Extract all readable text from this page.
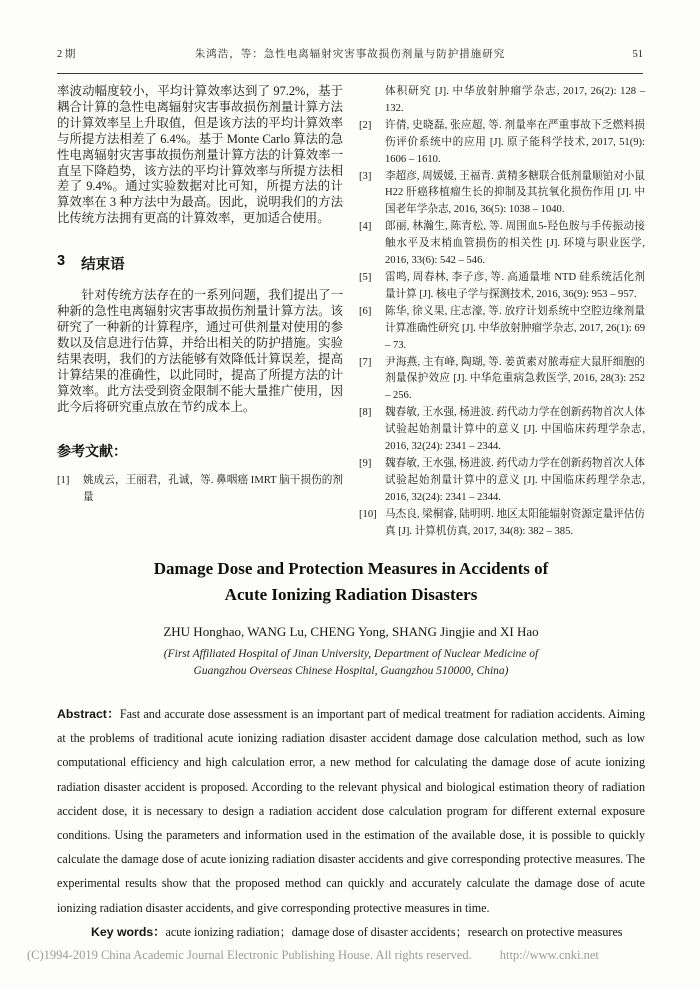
2 期	朱鸿浩，等：急性电离辐射灾害事故损伤剂量与防护措施研究	51

率波动幅度较小，平均计算效率达到了 97.2%，基于耦合计算的急性电离辐射灾害事故损伤剂量计算方法的计算效率呈上升取值，但是该方法的平均计算效率与所提方法相差了 6.4%。基于 Monte Carlo 算法的急性电离辐射灾害事故损伤剂量计算方法的计算效率一直呈下降趋势，该方法的平均计算效率与所提方法相差了 9.4%。通过实验数据对比可知，所提方法的计算效率在 3 种方法中为最高。因此，说明我们的方法比传统方法拥有更高的计算效率，更加适合使用。

3 结束语

针对传统方法存在的一系列问题，我们提出了一种新的急性电离辐射灾害事故损伤剂量计算方法。该研究了一种新的计算程序，通过可供剂量对使用的参数以及信息进行估算，并给出相关的防护措施。实验结果表明，我们的方法能够有效降低计算误差，提高计算结果的准确性，以此同时，提高了所提方法的计算效率。此方法受到资金限制不能大量推广使用，因此今后将研究重点放在节约成本上。

参考文献：
[1]	姚成云，王丽君，孔诚，等. 鼻咽癌 IMRT 脑干损伤的剂量
体积研究 [J]. 中华放射肿瘤学杂志, 2017, 26(2): 128 – 132.
[2]	许倩, 史晓磊, 张应超, 等. 剂量率在严重事故下乏燃料损伤评价系统中的应用 [J]. 原子能科学技术, 2017, 51(9): 1606 – 1610.
[3]	李超彦, 周媛媛, 王福青. 黄精多糖联合低剂量顺铂对小鼠 H22 肝癌移植瘤生长的抑制及其抗氧化损伤作用 [J]. 中国老年学杂志, 2016, 36(5): 1038 – 1040.
[4]	郎丽, 林瀚生, 陈青松, 等. 周围血5-羟色胺与手传振动接触水平及末梢血管损伤的相关性 [J]. 环境与职业医学, 2016, 33(6): 542 – 546.
[5]	雷鸣, 周春林, 李子彦, 等. 高通量堆 NTD 硅系统活化剂量计算 [J]. 核电子学与探测技术, 2016, 36(9): 953 – 957.
[6]	陈华, 徐义果, 庄志濠, 等. 放疗计划系统中空腔边缘剂量计算准确性研究 [J]. 中华放射肿瘤学杂志, 2017, 26(1): 69 – 73.
[7]	尹海燕, 主有峰, 陶瑚, 等. 姜黄素对脓毒症大鼠肝细胞的剂量保护效应 [J]. 中华危重病急救医学, 2016, 28(3): 252 – 256.
[8]	魏春敏, 王水强, 杨进波. 药代动力学在创新药物首次人体试验起始剂量计算中的意义 [J]. 中国临床药理学杂志, 2016, 32(24): 2341 – 2344.
[9]	魏春敏, 王水强, 杨进波. 药代动力学在创新药物首次人体试验起始剂量计算中的意义 [J]. 中国临床药理学杂志, 2016, 32(24): 2341 – 2344.
[10] 马杰良, 梁桐睿, 陆明明. 地区太阳能辐射资源定量评估仿真 [J]. 计算机仿真, 2017, 34(8): 382 – 385.
Damage Dose and Protection Measures in Accidents of
Acute Ionizing Radiation Disasters
ZHU Honghao, WANG Lu, CHENG Yong, SHANG Jingjie and XI Hao
(First Affiliated Hospital of Jinan University, Department of Nuclear Medicine of
Guangzhou Overseas Chinese Hospital, Guangzhou 510000, China)

Abstract：Fast and accurate dose assessment is an important part of medical treatment for radiation accidents. Aiming at the problems of traditional acute ionizing radiation disaster accident damage dose calculation method, such as low computational efficiency and high calculation error, a new method for calculating the damage dose of acute ionizing radiation disaster accident is proposed. According to the relevant physical and biological estimation theory of radiation accident dose, it is necessary to design a radiation accident dose calculation program for different external exposure conditions. Using the parameters and information used in the estimation of the available dose, it is possible to quickly calculate the damage dose of acute ionizing radiation disaster accidents and give corresponding protective measures. The experimental results show that the proposed method can quickly and accurately calculate the damage dose of acute ionizing radiation disaster accidents, and give corresponding protective measures in time.

Key words：acute ionizing radiation；damage dose of disaster accidents；research on protective measures

(C)1994-2019 China Academic Journal Electronic Publishing House. All rights reserved. http://www.cnki.net
